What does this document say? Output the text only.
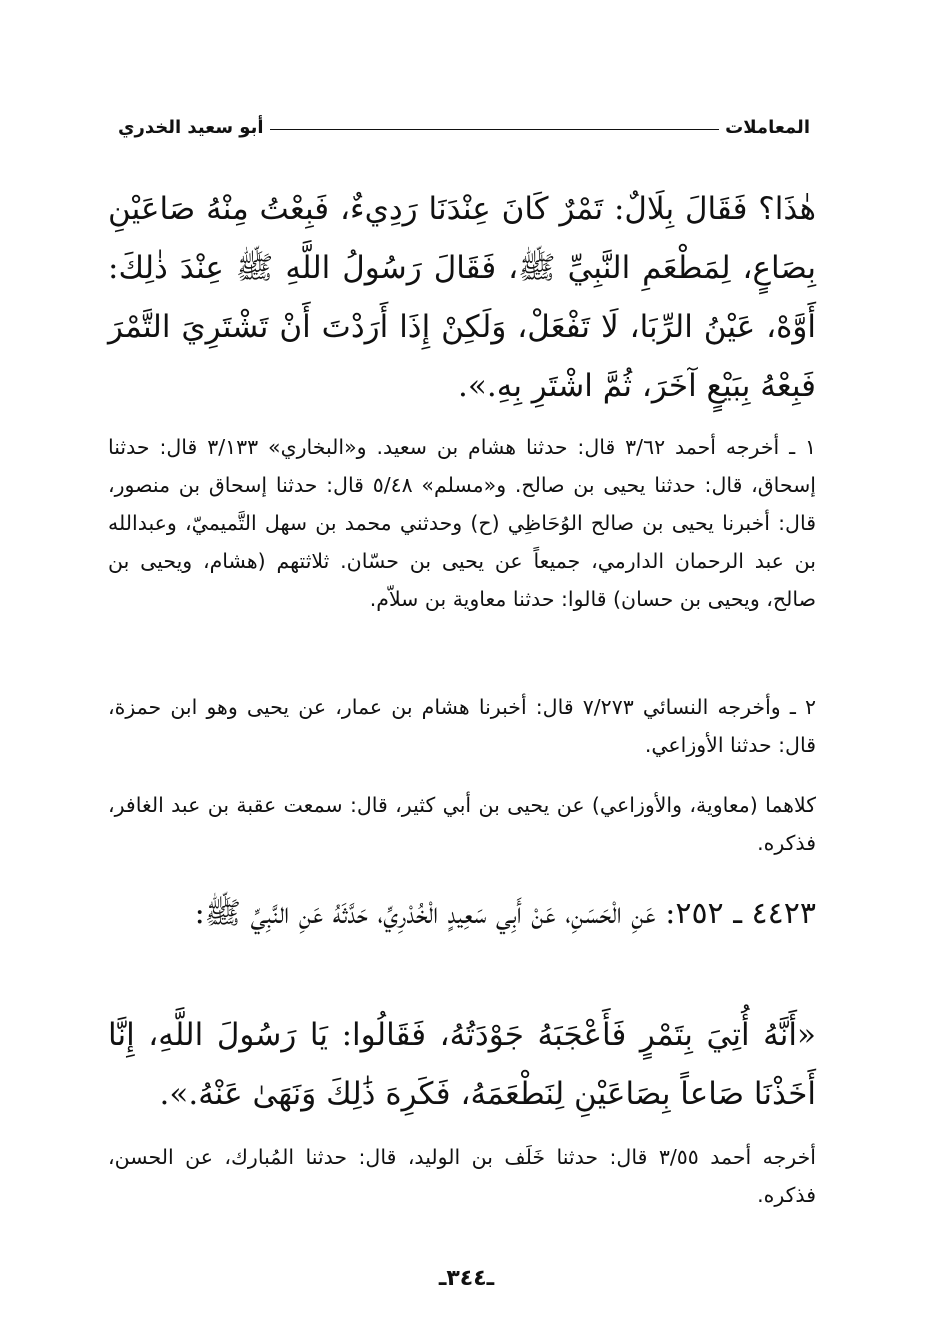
المعاملات
أبو سعيد الخدري
هٰذَا؟ فَقَالَ بِلَالٌ: تَمْرٌ كَانَ عِنْدَنَا رَدِيءٌ، فَبِعْتُ مِنْهُ صَاعَيْنِ بِصَاعٍ، لِمَطْعَمِ النَّبِيِّ ﷺ، فَقَالَ رَسُولُ اللَّهِ ﷺ عِنْدَ ذٰلِكَ: أَوَّهْ، عَيْنُ الرِّبَا، لَا تَفْعَلْ، وَلَكِنْ إِذَا أَرَدْتَ أَنْ تَشْتَرِيَ التَّمْرَ فَبِعْهُ بِبَيْعٍ آخَرَ، ثُمَّ اشْتَرِ بِهِ.».
١ ـ أخرجه أحمد ٣/٦٢ قال: حدثنا هشام بن سعيد. و«البخاري» ٣/١٣٣ قال: حدثنا إسحاق، قال: حدثنا يحيى بن صالح. و«مسلم» ٥/٤٨ قال: حدثنا إسحاق بن منصور، قال: أخبرنا يحيى بن صالح الوُحَاظِي (ح) وحدثني محمد بن سهل التَّميميّ، وعبدالله بن عبد الرحمان الدارمي، جميعاً عن يحيى بن حسّان. ثلاثتهم (هشام، ويحيى بن صالح، ويحيى بن حسان) قالوا: حدثنا معاوية بن سلاّم.
٢ ـ وأخرجه النسائي ٧/٢٧٣ قال: أخبرنا هشام بن عمار، عن يحيى وهو ابن حمزة، قال: حدثنا الأوزاعي.
كلاهما (معاوية، والأوزاعي) عن يحيى بن أبي كثير، قال: سمعت عقبة بن عبد الغافر، فذكره.
٤٤٢٣ ـ ٢٥٢: عَنِ الْحَسَنِ، عَنْ أَبِي سَعِيدٍ الْخُدْرِيِّ، حَدَّثَهُ عَنِ النَّبِيِّ ﷺ:
«أَنَّهُ أُتِيَ بِتَمْرٍ فَأَعْجَبَهُ جَوْدَتُهُ، فَقَالُوا: يَا رَسُولَ اللَّهِ، إِنَّا أَخَذْنَا صَاعاً بِصَاعَيْنِ لِنَطْعَمَهُ، فَكَرِهَ ذَٰلِكَ وَنَهَىٰ عَنْهُ.».
أخرجه أحمد ٣/٥٥ قال: حدثنا خَلَف بن الوليد، قال: حدثنا المُبارك، عن الحسن، فذكره.
ـ٣٤٤ـ
